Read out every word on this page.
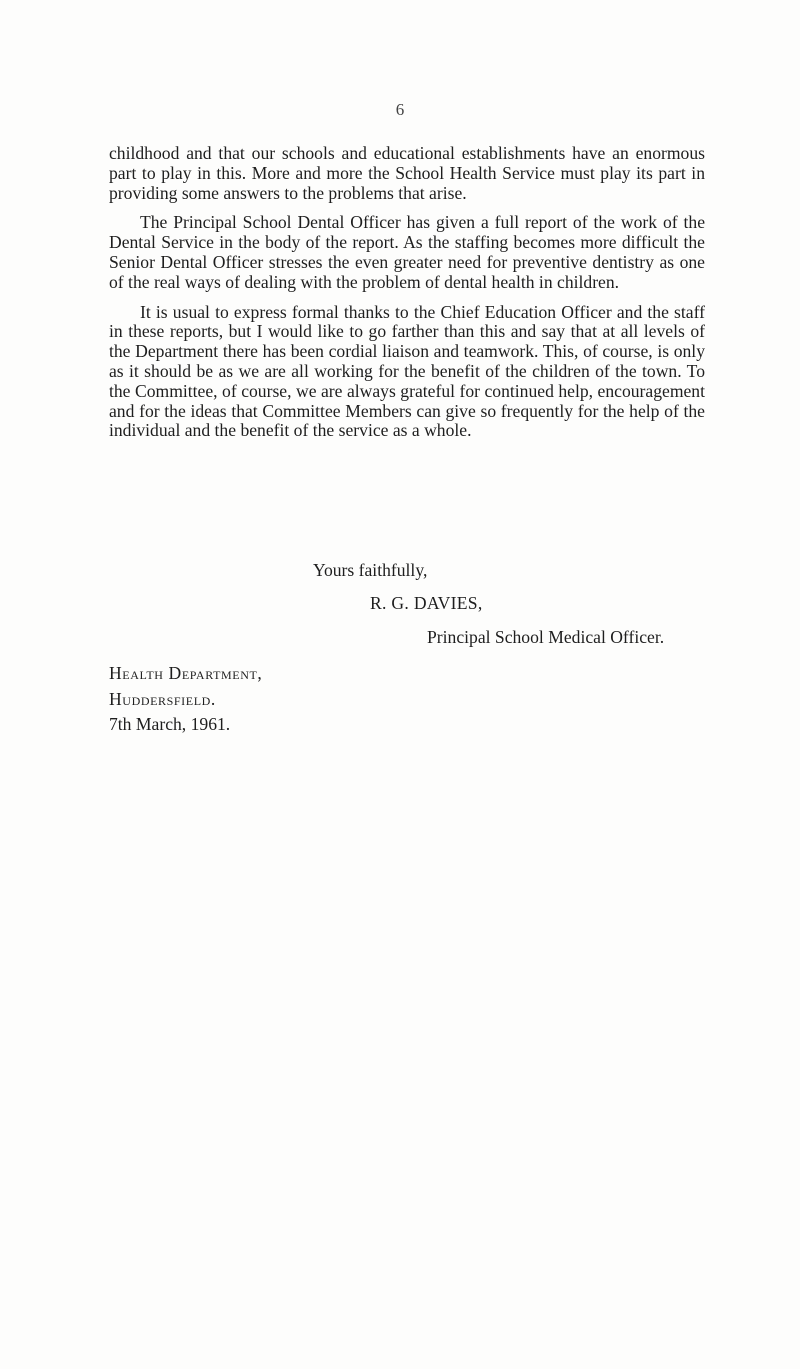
6

childhood and that our schools and educational establishments have an enormous part to play in this. More and more the School Health Service must play its part in providing some answers to the problems that arise.

The Principal School Dental Officer has given a full report of the work of the Dental Service in the body of the report. As the staffing becomes more difficult the Senior Dental Officer stresses the even greater need for preventive dentistry as one of the real ways of dealing with the problem of dental health in children.

It is usual to express formal thanks to the Chief Education Officer and the staff in these reports, but I would like to go farther than this and say that at all levels of the Department there has been cordial liaison and teamwork. This, of course, is only as it should be as we are all working for the benefit of the children of the town. To the Committee, of course, we are always grateful for continued help, encouragement and for the ideas that Committee Members can give so frequently for the help of the individual and the benefit of the service as a whole.

Yours faithfully,
R. G. DAVIES,
Principal School Medical Officer.
Health Department,
Huddersfield.
7th March, 1961.
